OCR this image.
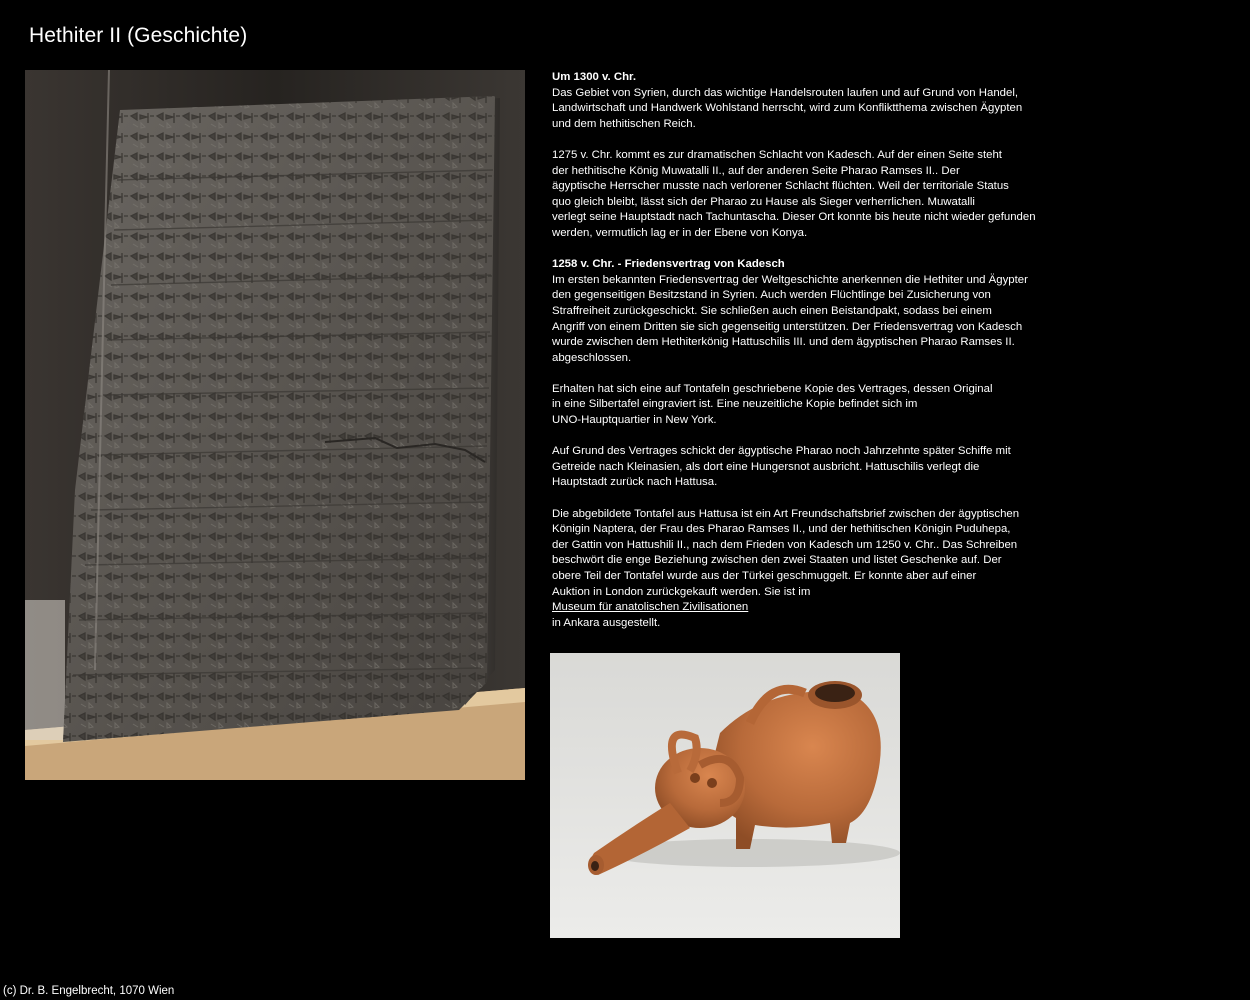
Hethiter II (Geschichte)

Um 1300 v. Chr.
Das Gebiet von Syrien, durch das wichtige Handelsrouten laufen und auf Grund von Handel,
Landwirtschaft und Handwerk Wohlstand herrscht, wird zum Konfliktthema zwischen Ägypten
und dem hethitischen Reich.

1275 v. Chr. kommt es zur dramatischen Schlacht von Kadesch. Auf der einen Seite steht
der hethitische König Muwatalli II., auf der anderen Seite Pharao Ramses II.. Der
ägyptische Herrscher musste nach verlorener Schlacht flüchten. Weil der territoriale Status
quo gleich bleibt, lässt sich der Pharao zu Hause als Sieger verherrlichen. Muwatalli
verlegt seine Hauptstadt nach Tachuntascha. Dieser Ort konnte bis heute nicht wieder gefunden
werden, vermutlich lag er in der Ebene von Konya.

1258 v. Chr. - Friedensvertrag von Kadesch
Im ersten bekannten Friedensvertrag der Weltgeschichte anerkennen die Hethiter und Ägypter
den gegenseitigen Besitzstand in Syrien. Auch werden Flüchtlinge bei Zusicherung von
Straffreiheit zurückgeschickt. Sie schließen auch einen Beistandpakt, sodass bei einem
Angriff von einem Dritten sie sich gegenseitig unterstützen. Der Friedensvertrag von Kadesch
wurde zwischen dem Hethiterkönig Hattuschilis III. und dem ägyptischen Pharao Ramses II.
abgeschlossen.

Erhalten hat sich eine auf Tontafeln geschriebene Kopie des Vertrages, dessen Original
in eine Silbertafel eingraviert ist. Eine neuzeitliche Kopie befindet sich im
UNO-Hauptquartier in New York.

Auf Grund des Vertrages schickt der ägyptische Pharao noch Jahrzehnte später Schiffe mit
Getreide nach Kleinasien, als dort eine Hungersnot ausbricht. Hattuschilis verlegt die
Hauptstadt zurück nach Hattusa.

Die abgebildete Tontafel aus Hattusa ist ein Art Freundschaftsbrief zwischen der ägyptischen
Königin Naptera, der Frau des Pharao Ramses II., und der hethitischen Königin Puduhepa,
der Gattin von Hattushili II., nach dem Frieden von Kadesch um 1250 v. Chr.. Das Schreiben
beschwört die enge Beziehung zwischen den zwei Staaten und listet Geschenke auf. Der
obere Teil der Tontafel wurde aus der Türkei geschmuggelt. Er konnte aber auf einer
Auktion in London zurückgekauft werden. Sie ist im
Museum für anatolischen Zivilisationen
in Ankara ausgestellt.

(c) Dr. B. Engelbrecht, 1070 Wien
